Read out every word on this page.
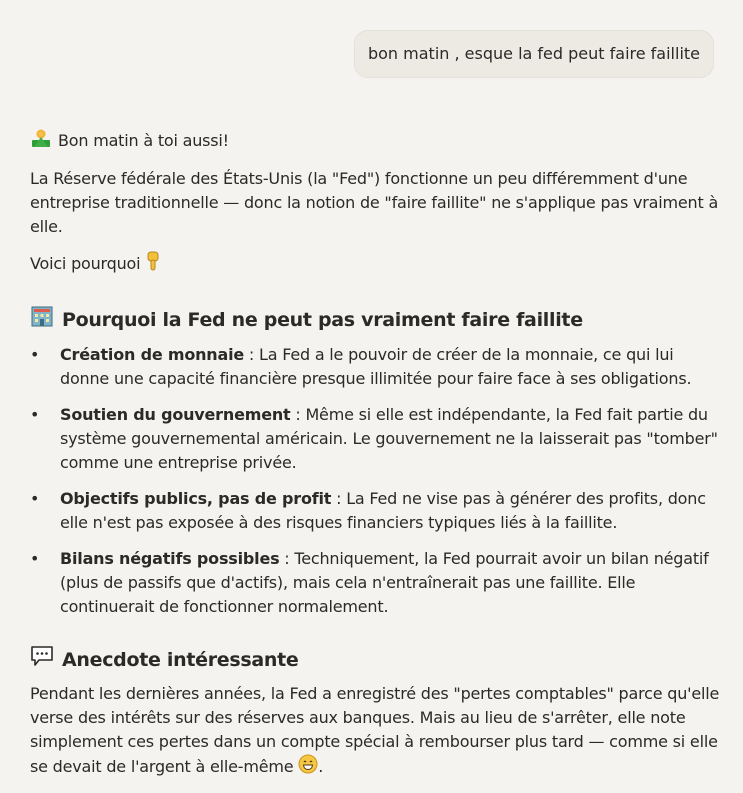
bon matin , esque la fed peut faire faillite
Bon matin à toi aussi!

La Réserve fédérale des États-Unis (la "Fed") fonctionne un peu différemment d'une entreprise traditionnelle — donc la notion de "faire faillite" ne s'applique pas vraiment à elle.

Voici pourquoi

Pourquoi la Fed ne peut pas vraiment faire faillite
• Création de monnaie : La Fed a le pouvoir de créer de la monnaie, ce qui lui donne une capacité financière presque illimitée pour faire face à ses obligations.
• Soutien du gouvernement : Même si elle est indépendante, la Fed fait partie du système gouvernemental américain. Le gouvernement ne la laisserait pas "tomber" comme une entreprise privée.
• Objectifs publics, pas de profit : La Fed ne vise pas à générer des profits, donc elle n'est pas exposée à des risques financiers typiques liés à la faillite.
• Bilans négatifs possibles : Techniquement, la Fed pourrait avoir un bilan négatif (plus de passifs que d'actifs), mais cela n'entraînerait pas une faillite. Elle continuerait de fonctionner normalement.
Anecdote intéressante

Pendant les dernières années, la Fed a enregistré des "pertes comptables" parce qu'elle verse des intérêts sur des réserves aux banques. Mais au lieu de s'arrêter, elle note simplement ces pertes dans un compte spécial à rembourser plus tard — comme si elle se devait de l'argent à elle-même .
